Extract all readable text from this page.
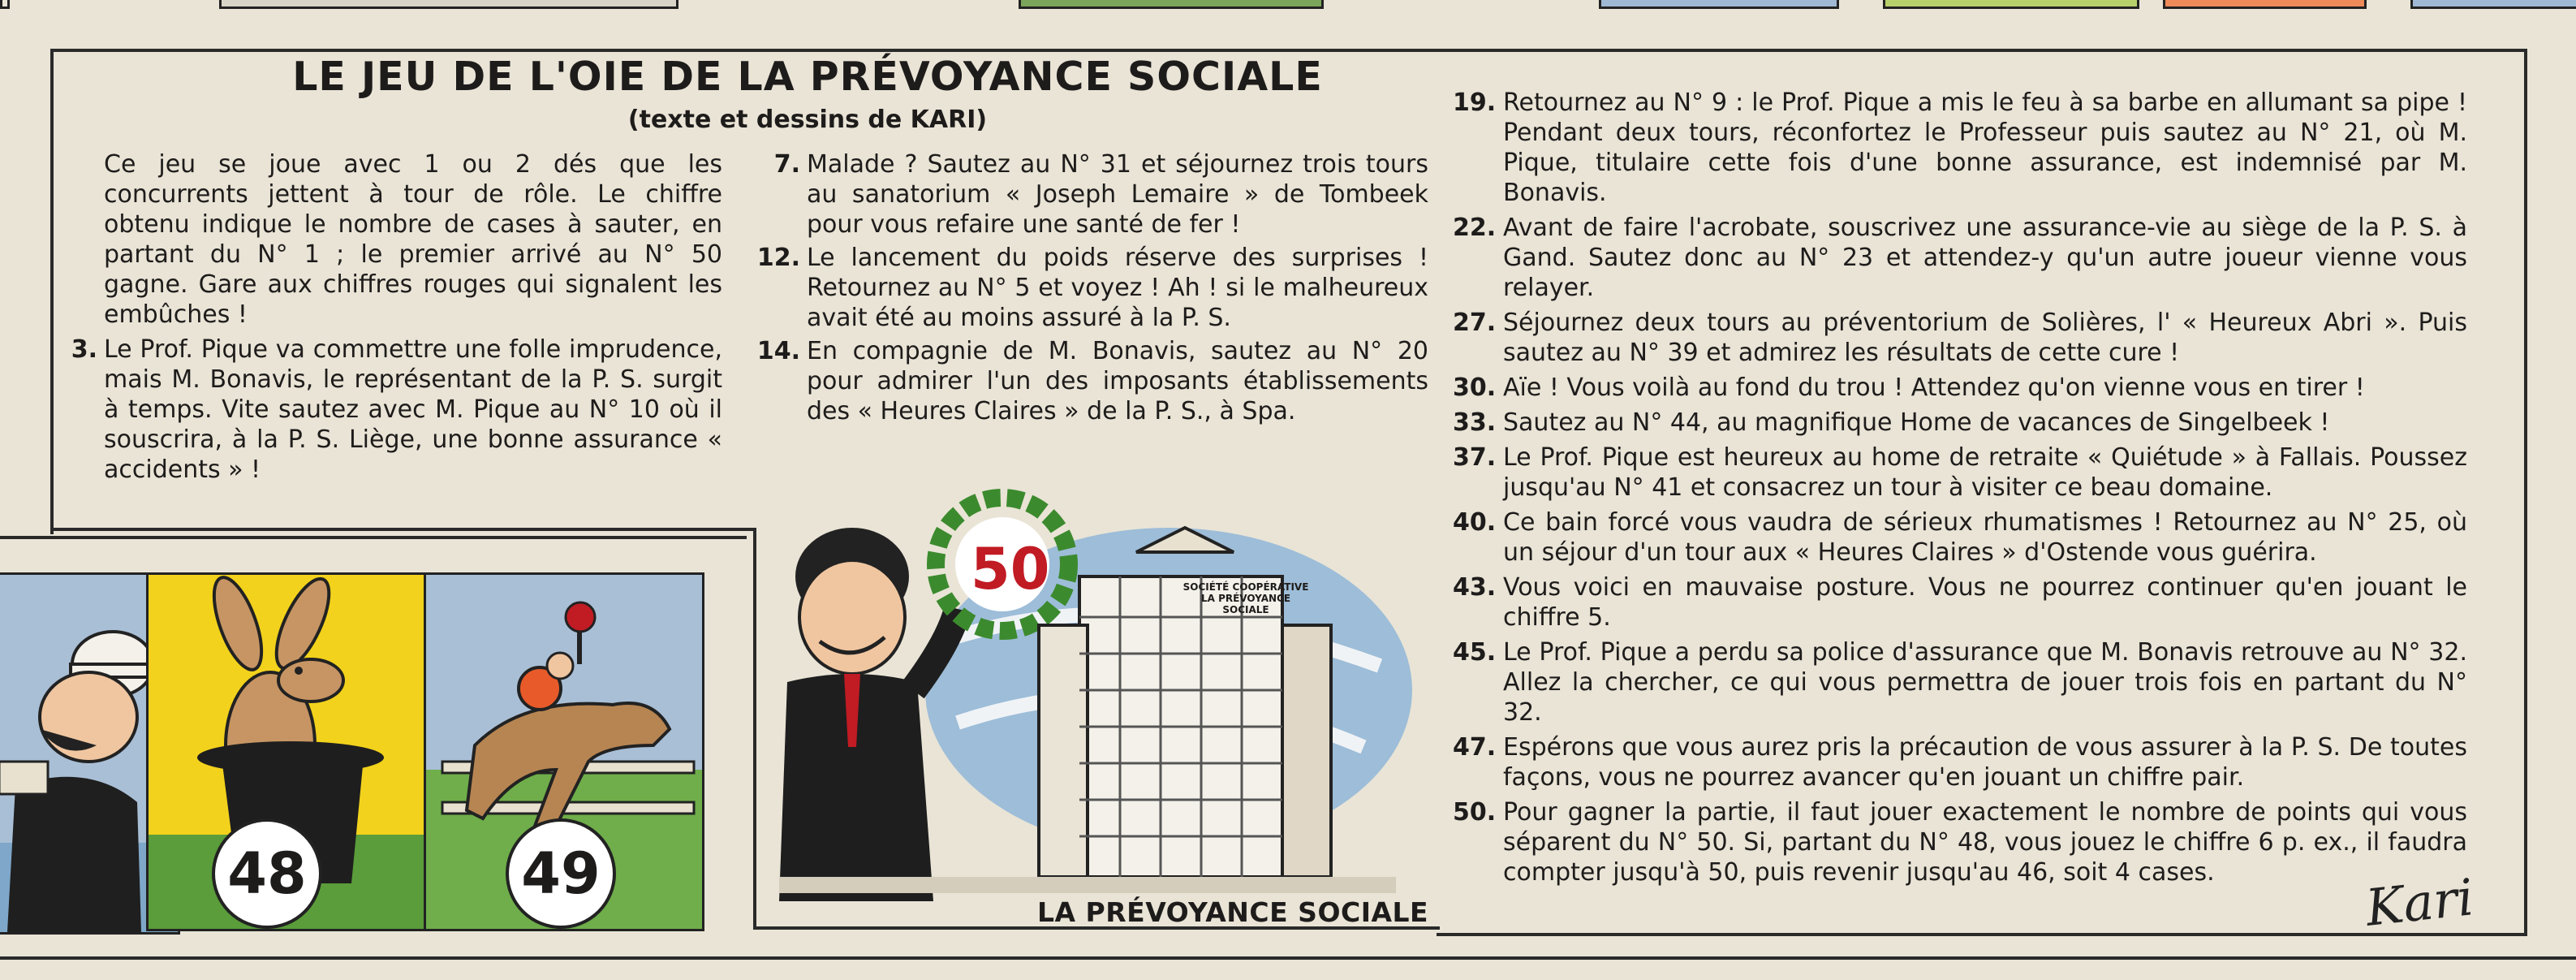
LE JEU DE L'OIE DE LA PRÉVOYANCE SOCIALE
(texte et dessins de KARI)
Ce jeu se joue avec 1 ou 2 dés que les concurrents jettent à tour de rôle. Le chiffre obtenu indique le nombre de cases à sauter, en partant du N° 1 ; le premier arrivé au N° 50 gagne. Gare aux chiffres rouges qui signalent les embûches !
3. Le Prof. Pique va commettre une folle imprudence, mais M. Bonavis, le représentant de la P. S. surgit à temps. Vite sautez avec M. Pique au N° 10 où il souscrira, à la P. S. Liège, une bonne assurance « accidents » !
7. Malade ? Sautez au N° 31 et séjournez trois tours au sanatorium « Joseph Lemaire » de Tombeek pour vous refaire une santé de fer !
12. Le lancement du poids réserve des surprises ! Retournez au N° 5 et voyez ! Ah ! si le malheureux avait été au moins assuré à la P. S.
14. En compagnie de M. Bonavis, sautez au N° 20 pour admirer l'un des imposants établissements des « Heures Claires » de la P. S., à Spa.
19. Retournez au N° 9 : le Prof. Pique a mis le feu à sa barbe en allumant sa pipe ! Pendant deux tours, réconfortez le Professeur puis sautez au N° 21, où M. Pique, titulaire cette fois d'une bonne assurance, est indemnisé par M. Bonavis.
22. Avant de faire l'acrobate, souscrivez une assurance-vie au siège de la P. S. à Gand. Sautez donc au N° 23 et attendez-y qu'un autre joueur vienne vous relayer.
27. Séjournez deux tours au préventorium de Solières, l' « Heureux Abri ». Puis sautez au N° 39 et admirez les résultats de cette cure !
30. Aïe ! Vous voilà au fond du trou ! Attendez qu'on vienne vous en tirer !
33. Sautez au N° 44, au magnifique Home de vacances de Singelbeek !
37. Le Prof. Pique est heureux au home de retraite « Quiétude » à Fallais. Poussez jusqu'au N° 41 et consacrez un tour à visiter ce beau domaine.
40. Ce bain forcé vous vaudra de sérieux rhumatismes ! Retournez au N° 25, où un séjour d'un tour aux « Heures Claires » d'Ostende vous guérira.
43. Vous voici en mauvaise posture. Vous ne pourrez continuer qu'en jouant le chiffre 5.
45. Le Prof. Pique a perdu sa police d'assurance que M. Bonavis retrouve au N° 32. Allez la chercher, ce qui vous permettra de jouer trois fois en partant du N° 32.
47. Espérons que vous aurez pris la précaution de vous assurer à la P. S. De toutes façons, vous ne pourrez avancer qu'en jouant un chiffre pair.
50. Pour gagner la partie, il faut jouer exactement le nombre de points qui vous séparent du N° 50. Si, partant du N° 48, vous jouez le chiffre 6 p. ex., il faudra compter jusqu'à 50, puis revenir jusqu'au 46, soit 4 cases.
48	49
50	SOCIÉTÉ COOPÉRATIVE LA PRÉVOYANCE SOCIALE
LA PRÉVOYANCE SOCIALE	Kari
